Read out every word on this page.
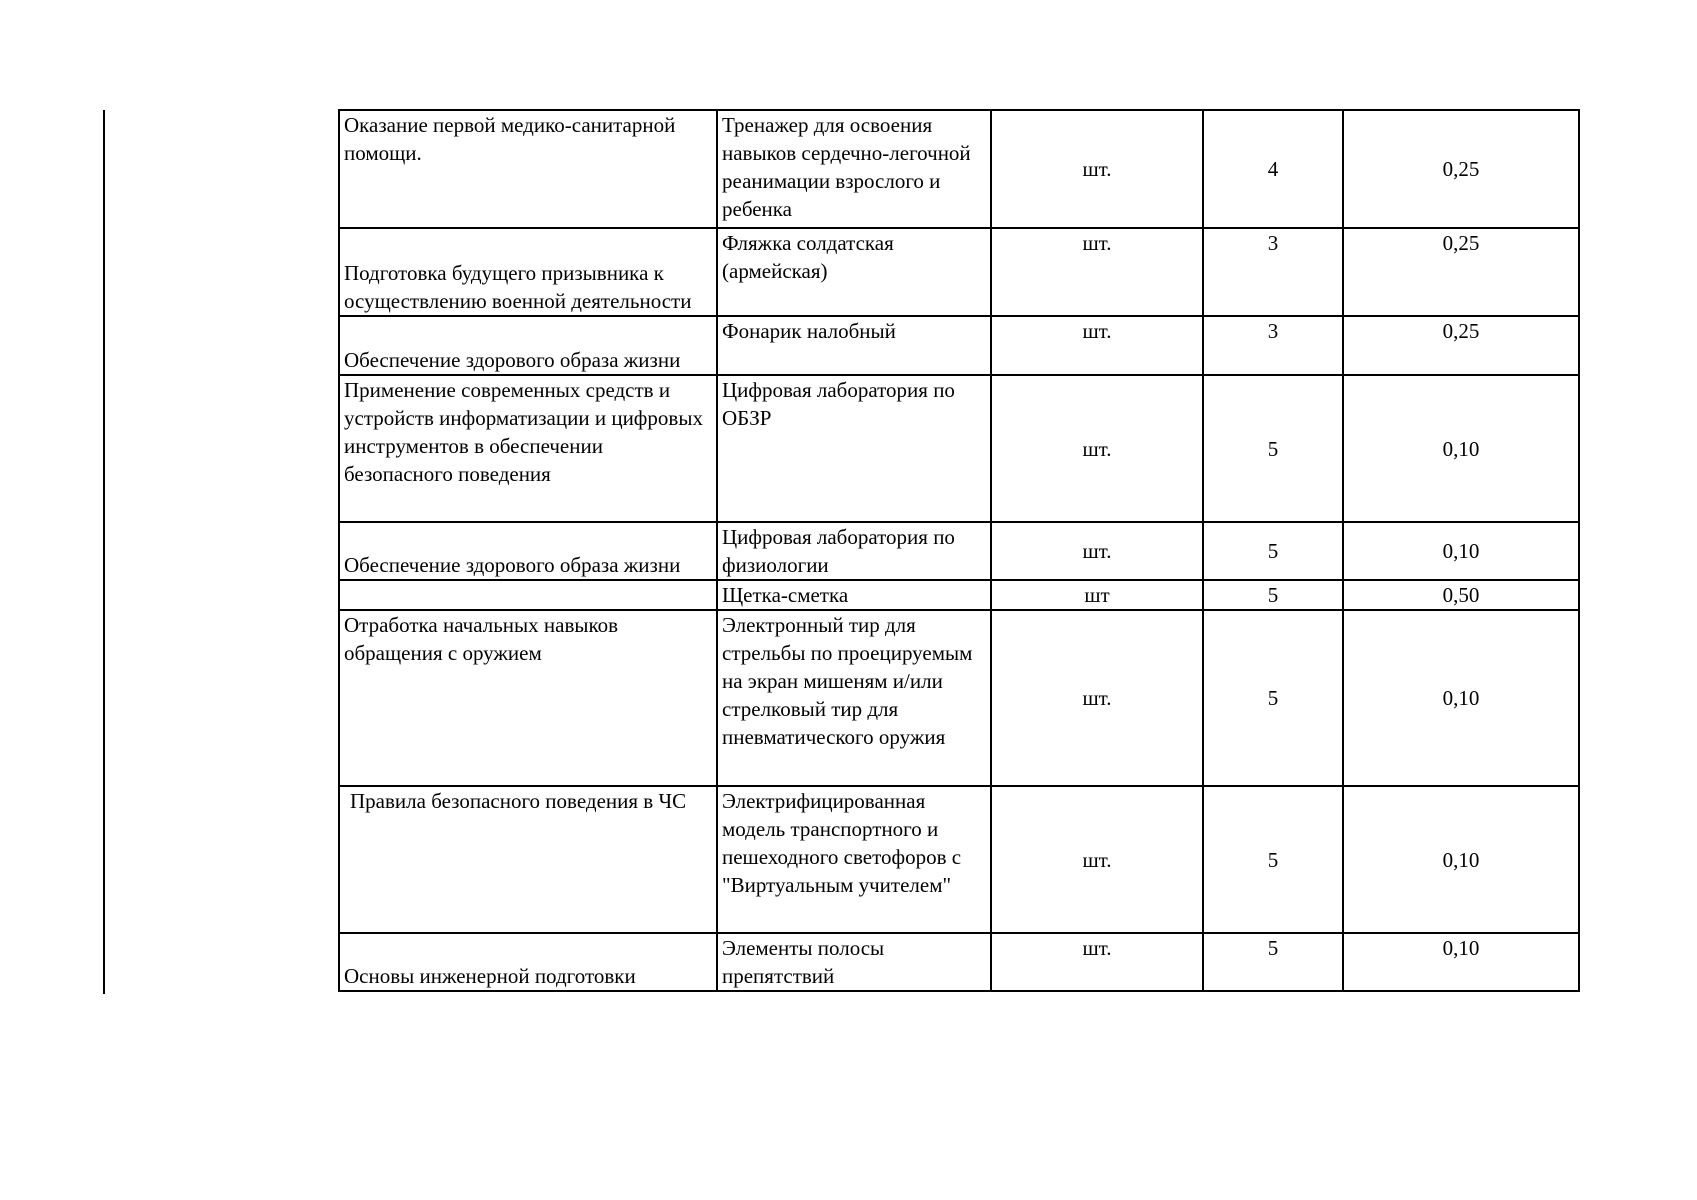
Оказание первой медико-санитарной помощи.	Тренажер для освоения навыков сердечно-легочной реанимации взрослого и ребенка	шт.	4	0,25
Подготовка будущего призывника к осуществлению военной деятельности	Фляжка солдатская (армейская)	шт.	3	0,25
Обеспечение здорового образа жизни	Фонарик налобный	шт.	3	0,25
Применение современных средств и устройств информатизации и цифровых инструментов в обеспечении безопасного поведения	Цифровая лаборатория по ОБЗР	шт.	5	0,10
Обеспечение здорового образа жизни	Цифровая лаборатория по физиологии	шт.	5	0,10
	Щетка-сметка	шт	5	0,50
Отработка начальных навыков обращения с оружием	Электронный тир для стрельбы по проецируемым на экран мишеням и/или стрелковый тир для пневматического оружия	шт.	5	0,10
Правила безопасного поведения в ЧС	Электрифицированная модель транспортного и пешеходного светофоров с "Виртуальным учителем"	шт.	5	0,10
Основы инженерной подготовки	Элементы полосы препятствий	шт.	5	0,10
